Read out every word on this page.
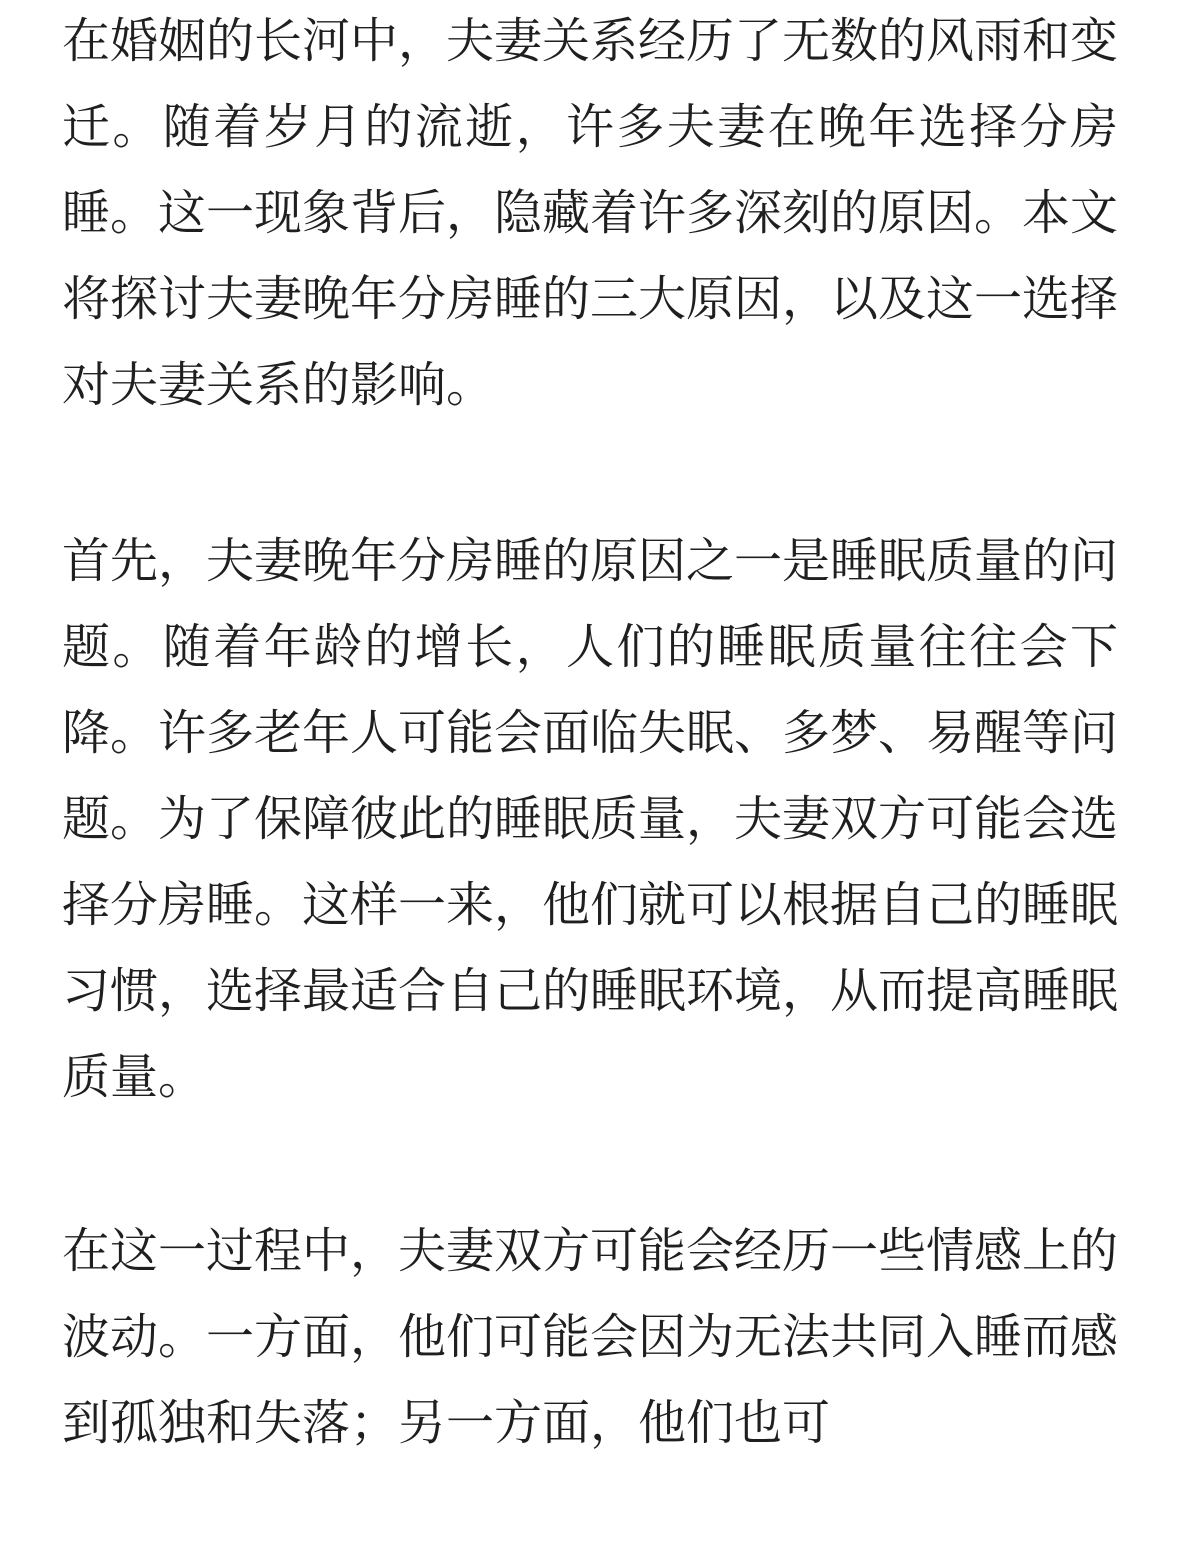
在婚姻的长河中，夫妻关系经历了无数的风雨和变迁。随着岁月的流逝，许多夫妻在晚年选择分房睡。这一现象背后，隐藏着许多深刻的原因。本文将探讨夫妻晚年分房睡的三大原因，以及这一选择对夫妻关系的影响。

首先，夫妻晚年分房睡的原因之一是睡眠质量的问题。随着年龄的增长，人们的睡眠质量往往会下降。许多老年人可能会面临失眠、多梦、易醒等问题。为了保障彼此的睡眠质量，夫妻双方可能会选择分房睡。这样一来，他们就可以根据自己的睡眠习惯，选择最适合自己的睡眠环境，从而提高睡眠质量。

在这一过程中，夫妻双方可能会经历一些情感上的波动。一方面，他们可能会因为无法共同入睡而感到孤独和失落；另一方面，他们也可
